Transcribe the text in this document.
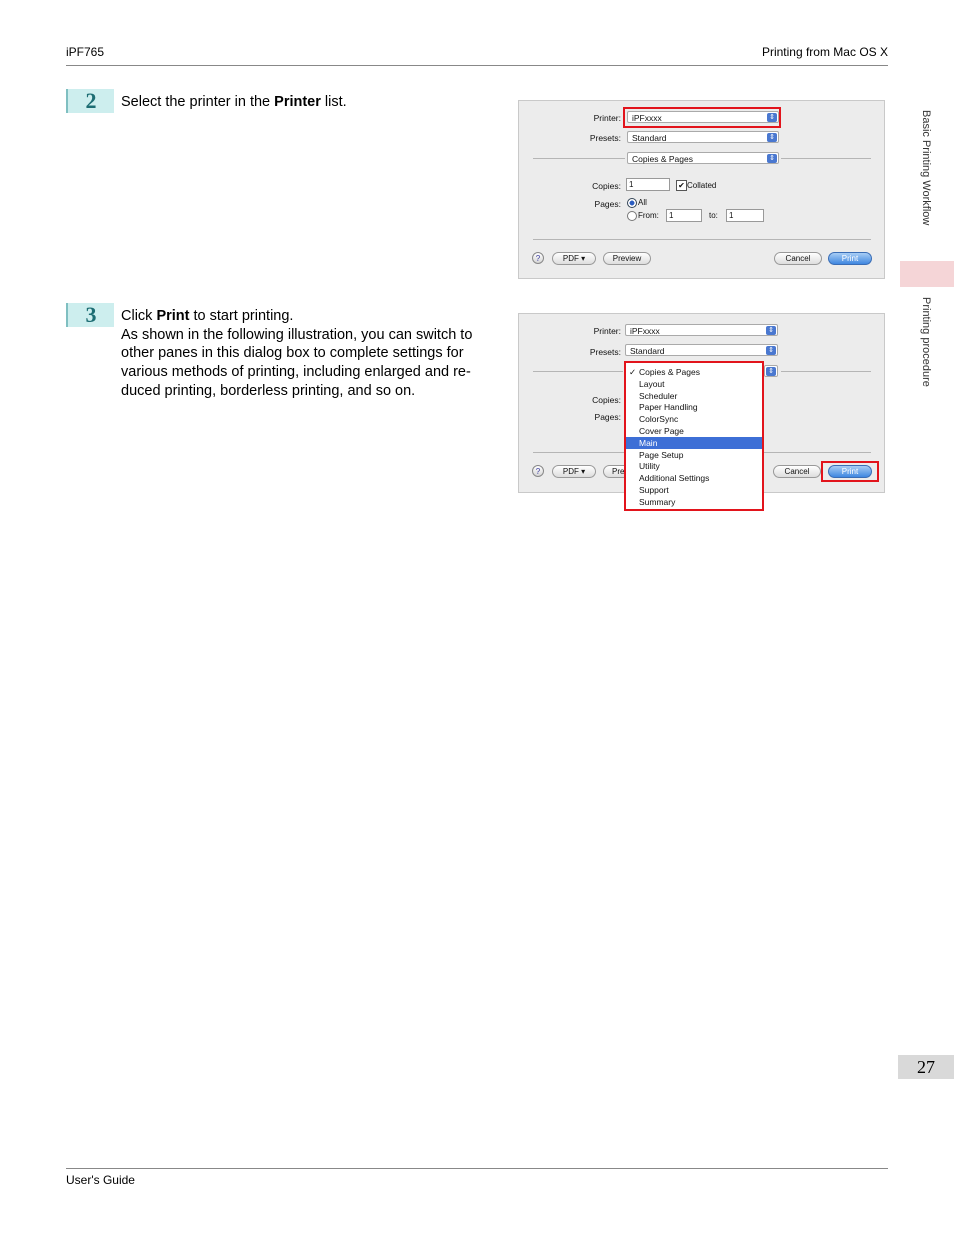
iPF765	Printing from Mac OS X
Basic Printing Workflow
Printing procedure
27
2	Select the printer in the Printer list.
Printer:	iPFxxxx	⇕
Presets:	Standard	⇕
Copies & Pages	⇕
Copies:	1	✔ Collated
Pages: All
From:	1	to:	1
?	PDF ▾	Preview	Cancel	Print
3	Click Print to start printing.
As shown in the following illustration, you can switch to other panes in this dialog box to complete settings for various methods of printing, including enlarged and re-duced printing, borderless printing, and so on.
Printer:	iPFxxxx	⇕
Presets:	Standard	⇕
⇕
Copies:
Pages:
?	PDF ▾	Pre	Cancel	Print
✓ Copies & Pages
Layout
Scheduler
Paper Handling
ColorSync
Cover Page
Main
Page Setup
Utility
Additional Settings
Support
Summary
User's Guide
